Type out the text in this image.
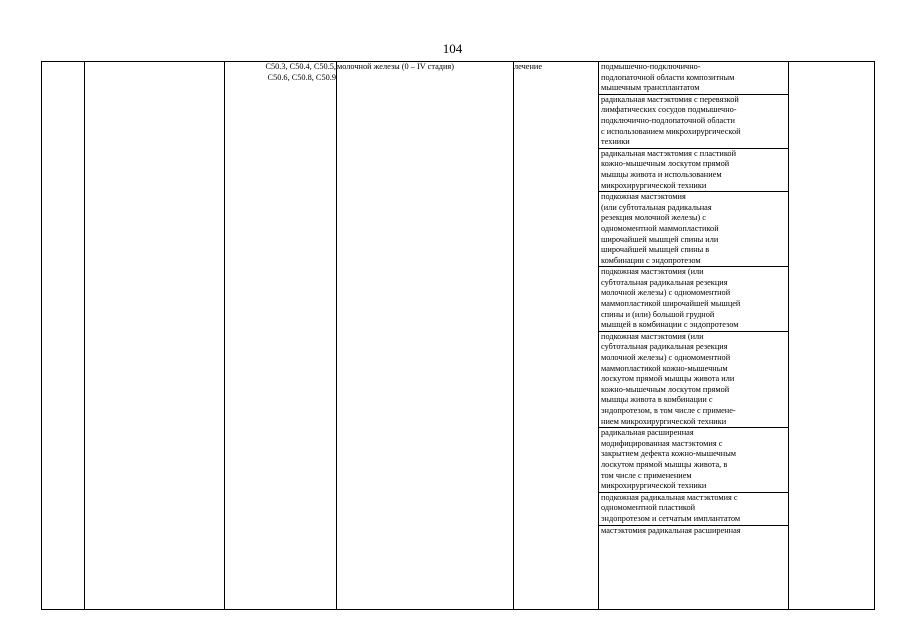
104

C50.3, C50.4, C50.5,
C50.6, C50.8, C50.9
	молочной железы (0 – IV стадия)	лечение	подмышечно-подключично-
подлопаточной области композитным
мышечным трансплантатом
радикальная мастэктомия с перевязкой
лимфатических сосудов подмышечно-
подключично-подлопаточной области
с использованием микрохирургической
техники
радикальная мастэктомия с пластикой
кожно-мышечным лоскутом прямой
мышцы живота и использованием
микрохирургической техники
подкожная мастэктомия
(или субтотальная радикальная
резекция молочной железы) с
одномоментной маммопластикой
широчайшей мышцей спины или
широчайшей мышцей спины в
комбинации с эндопротезом
подкожная мастэктомия (или
субтотальная радикальная резекция
молочной железы) с одномоментной
маммопластикой широчайшей мышцей
спины и (или) большой грудной
мышцей в комбинации с эндопротезом
подкожная мастэктомия (или
субтотальная радикальная резекция
молочной железы) с одномоментной
маммопластикой кожно-мышечным
лоскутом прямой мышцы живота или
кожно-мышечным лоскутом прямой
мышцы живота в комбинации с
эндопротезом, в том числе с примене-
нием микрохирургической техники
радикальная расширенная
модифицированная мастэктомия с
закрытием дефекта кожно-мышечным
лоскутом прямой мышцы живота, в
том числе с применением
микрохирургической техники
подкожная радикальная мастэктомия с
одномоментной пластикой
эндопротезом и сетчатым имплантатом
мастэктомия радикальная расширенная
